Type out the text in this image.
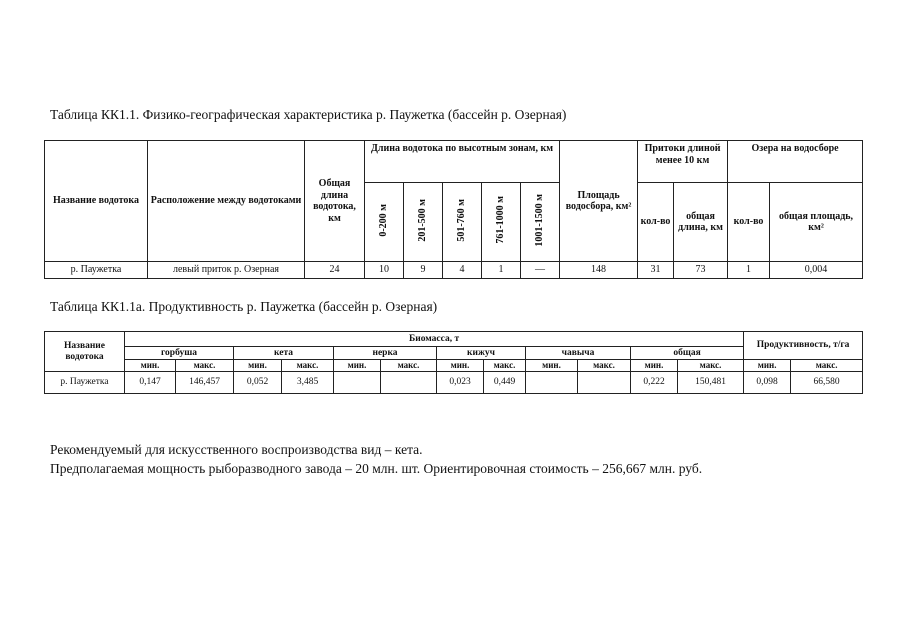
Таблица КК1.1. Физико-географическая характеристика р. Паужетка (бассейн р. Озерная)
Название водотока	Расположение между водотоками	Общая длина водотока, км	Длина водотока по высотным зонам, км					Площадь водосбора, км²	Притоки длиной менее 10 км		Озера на водосборе	
			0-200 м	201-500 м	501-760 м	761-1000 м	1001-1500 м		кол-во	общая длина, км	кол-во	общая площадь, км²
р. Паужетка	левый приток р. Озерная	24	10	9	4	1	—	148	31	73	1	0,004
Таблица КК1.1а. Продуктивность р. Паужетка (бассейн р. Озерная)
Название водотока	Биомасса, т												Продуктивность, т/га	
	горбуша		кета		нерка		кижуч		чавыча		общая			
	мин.	макс.	мин.	макс.	мин.	макс.	мин.	макс.	мин.	макс.	мин.	макс.	мин.	макс.
р. Паужетка	0,147	146,457	0,052	3,485			0,023	0,449			0,222	150,481	0,098	66,580
Рекомендуемый для искусственного воспроизводства вид – кета.
Предполагаемая мощность рыборазводного завода – 20 млн. шт. Ориентировочная стоимость – 256,667 млн. руб.
